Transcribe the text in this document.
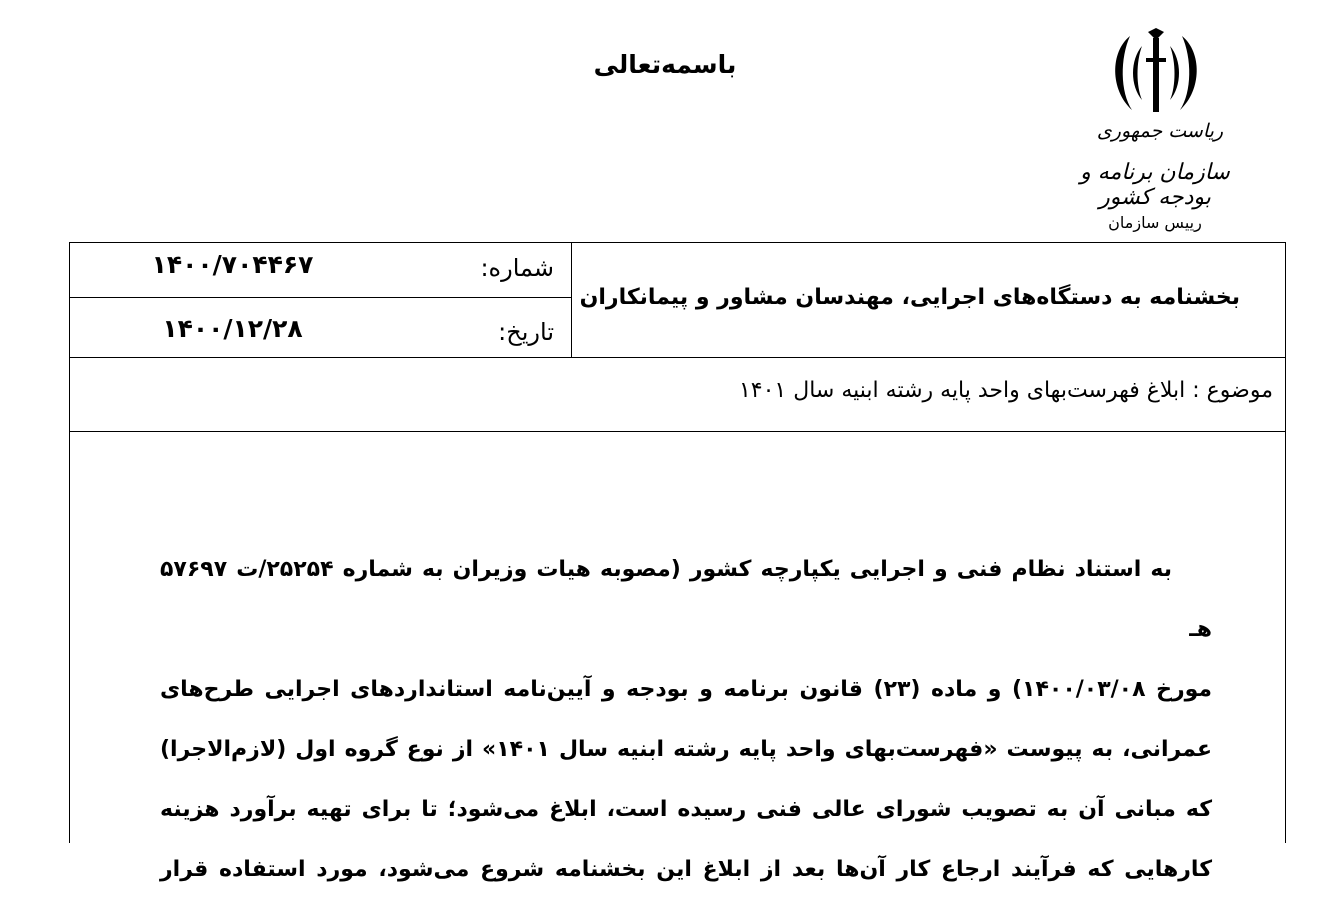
باسمه‌تعالی
ریاست جمهوری
سازمان برنامه و بودجه کشور
رییس سازمان
شماره:
۱۴۰۰/۷۰۴۴۶۷
تاریخ:
۱۴۰۰/۱۲/۲۸
بخشنامه به دستگاه‌های اجرایی، مهندسان مشاور و پیمانکاران
موضوع : ابلاغ فهرست‌بهای واحد پایه رشته ابنیه سال ۱۴۰۱
به استناد نظام فنی و اجرایی یکپارچه کشور (مصوبه هیات وزیران به شماره ۲۵۲۵۴/ت ۵۷۶۹۷ هـ
مورخ ۱۴۰۰/۰۳/۰۸) و ماده (۲۳) قانون برنامه و بودجه و آیین‌نامه استانداردهای اجرایی طرح‌های
عمرانی، به پیوست «فهرست‌بهای واحد پایه رشته ابنیه سال ۱۴۰۱» از نوع گروه اول (لازم‌الاجرا)
که مبانی آن به تصویب شورای عالی فنی رسیده است، ابلاغ می‌شود؛ تا برای تهیه برآورد هزینه
کارهایی که فرآیند ارجاع کار آن‌ها بعد از ابلاغ این بخشنامه شروع می‌شود، مورد استفاده قرار
